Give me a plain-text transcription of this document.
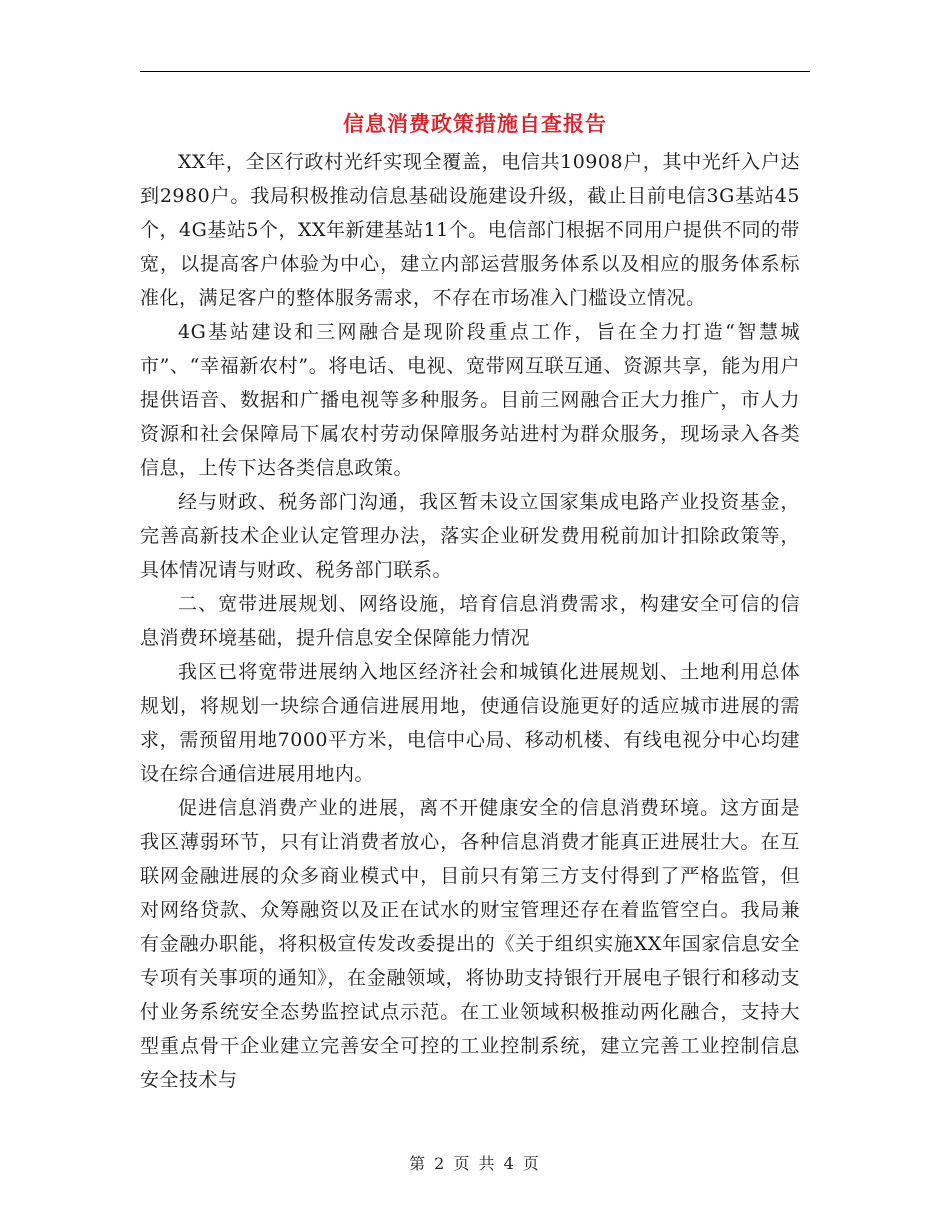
信息消费政策措施自查报告

XX年，全区行政村光纤实现全覆盖，电信共10908户，其中光纤入户达到2980户。我局积极推动信息基础设施建设升级，截止目前电信3G基站45个，4G基站5个，XX年新建基站11个。电信部门根据不同用户提供不同的带宽，以提高客户体验为中心，建立内部运营服务体系以及相应的服务体系标准化，满足客户的整体服务需求，不存在市场准入门槛设立情况。

4G基站建设和三网融合是现阶段重点工作，旨在全力打造“智慧城市”、“幸福新农村”。将电话、电视、宽带网互联互通、资源共享，能为用户提供语音、数据和广播电视等多种服务。目前三网融合正大力推广，市人力资源和社会保障局下属农村劳动保障服务站进村为群众服务，现场录入各类信息，上传下达各类信息政策。

经与财政、税务部门沟通，我区暂未设立国家集成电路产业投资基金，完善高新技术企业认定管理办法，落实企业研发费用税前加计扣除政策等，具体情况请与财政、税务部门联系。

二、宽带进展规划、网络设施，培育信息消费需求，构建安全可信的信息消费环境基础，提升信息安全保障能力情况

我区已将宽带进展纳入地区经济社会和城镇化进展规划、土地利用总体规划，将规划一块综合通信进展用地，使通信设施更好的适应城市进展的需求，需预留用地7000平方米，电信中心局、移动机楼、有线电视分中心均建设在综合通信进展用地内。

促进信息消费产业的进展，离不开健康安全的信息消费环境。这方面是我区薄弱环节，只有让消费者放心，各种信息消费才能真正进展壮大。在互联网金融进展的众多商业模式中，目前只有第三方支付得到了严格监管，但对网络贷款、众筹融资以及正在试水的财宝管理还存在着监管空白。我局兼有金融办职能，将积极宣传发改委提出的《关于组织实施XX年国家信息安全专项有关事项的通知》，在金融领域，将协助支持银行开展电子银行和移动支付业务系统安全态势监控试点示范。在工业领域积极推动两化融合，支持大型重点骨干企业建立完善安全可控的工业控制系统，建立完善工业控制信息安全技术与

第 2 页 共 4 页
